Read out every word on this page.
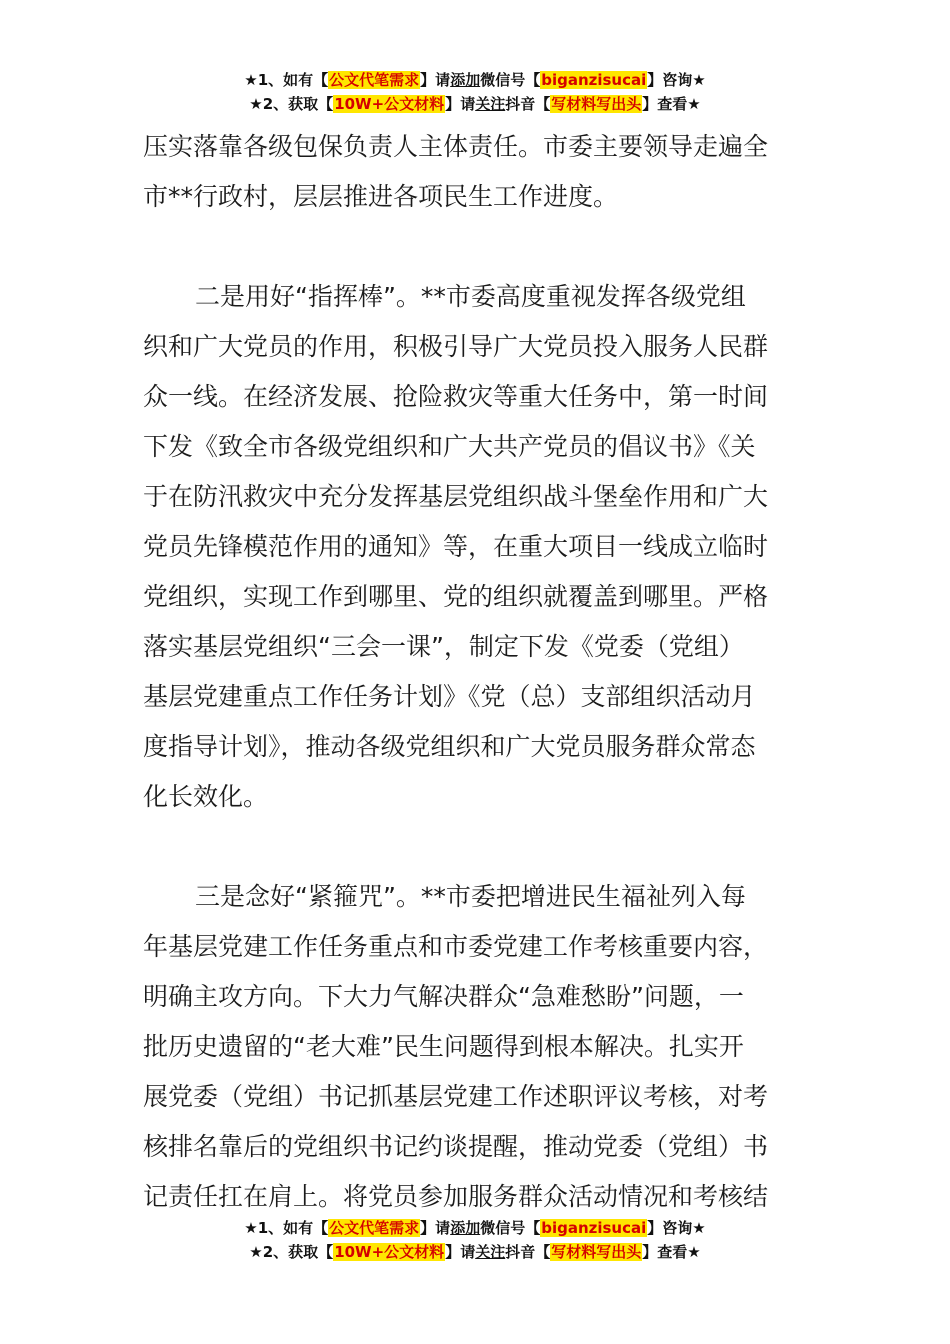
★1、如有【公文代笔需求】请添加微信号【biganzisucai】咨询★
★2、获取【10W+公文材料】请关注抖音【写材料写出头】查看★
压实落靠各级包保负责人主体责任。市委主要领导走遍全
市**行政村，层层推进各项民生工作进度。
二是用好“指挥棒”。**市委高度重视发挥各级党组
织和广大党员的作用，积极引导广大党员投入服务人民群
众一线。在经济发展、抢险救灾等重大任务中，第一时间
下发《致全市各级党组织和广大共产党员的倡议书》《关
于在防汛救灾中充分发挥基层党组织战斗堡垒作用和广大
党员先锋模范作用的通知》等，在重大项目一线成立临时
党组织，实现工作到哪里、党的组织就覆盖到哪里。严格
落实基层党组织“三会一课”，制定下发《党委（党组）
基层党建重点工作任务计划》《党（总）支部组织活动月
度指导计划》，推动各级党组织和广大党员服务群众常态
化长效化。
三是念好“紧箍咒”。**市委把增进民生福祉列入每
年基层党建工作任务重点和市委党建工作考核重要内容，
明确主攻方向。下大力气解决群众“急难愁盼”问题，一
批历史遗留的“老大难”民生问题得到根本解决。扎实开
展党委（党组）书记抓基层党建工作述职评议考核，对考
核排名靠后的党组织书记约谈提醒，推动党委（党组）书
记责任扛在肩上。将党员参加服务群众活动情况和考核结
★1、如有【公文代笔需求】请添加微信号【biganzisucai】咨询★
★2、获取【10W+公文材料】请关注抖音【写材料写出头】查看★
